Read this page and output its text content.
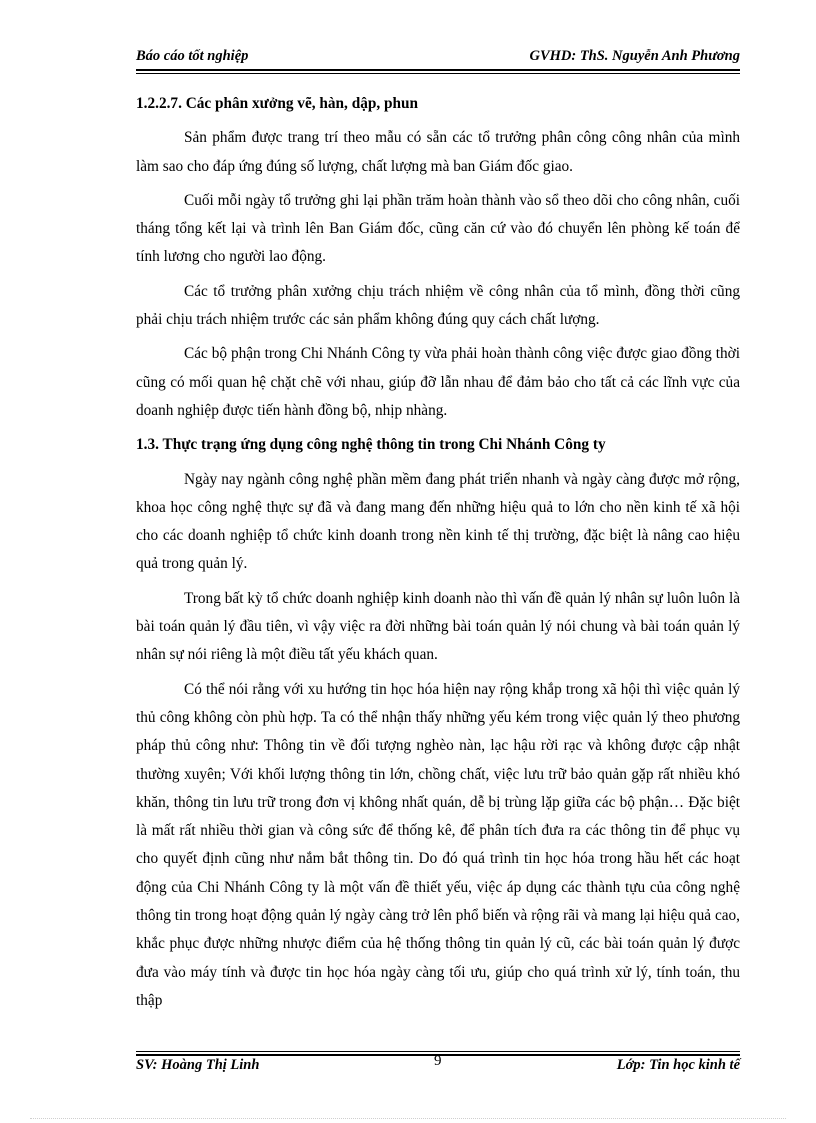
Báo cáo tốt nghiệp	GVHD: ThS. Nguyễn Anh Phương
1.2.2.7. Các phân xưởng vẽ, hàn, dập, phun

Sản phẩm được trang trí theo mẫu có sẵn các tổ trưởng phân công công nhân của mình làm sao cho đáp ứng đúng số lượng, chất lượng mà ban Giám đốc giao.

Cuối mỗi ngày tổ trưởng ghi lại phần trăm hoàn thành vào sổ theo dõi cho công nhân, cuối tháng tổng kết lại và trình lên Ban Giám đốc, cũng căn cứ vào đó chuyển lên phòng kế toán để tính lương cho người lao động.

Các tổ trưởng phân xưởng chịu trách nhiệm về công nhân của tổ mình, đồng thời cũng phải chịu trách nhiệm trước các sản phẩm không đúng quy cách chất lượng.

Các bộ phận trong Chi Nhánh Công ty vừa phải hoàn thành công việc được giao đồng thời cũng có mối quan hệ chặt chẽ với nhau, giúp đỡ lẫn nhau để đảm bảo cho tất cả các lĩnh vực của doanh nghiệp được tiến hành đồng bộ, nhịp nhàng.

1.3. Thực trạng ứng dụng công nghệ thông tin trong Chi Nhánh Công ty

Ngày nay ngành công nghệ phần mềm đang phát triển nhanh và ngày càng được mở rộng, khoa học công nghệ thực sự đã và đang mang đến những hiệu quả to lớn cho nền kinh tế xã hội cho các doanh nghiệp tổ chức kinh doanh trong nền kinh tế thị trường, đặc biệt là nâng cao hiệu quả trong quản lý.

Trong bất kỳ tổ chức doanh nghiệp kinh doanh nào thì vấn đề quản lý nhân sự luôn luôn là bài toán quản lý đầu tiên, vì vậy việc ra đời những bài toán quản lý nói chung và bài toán quản lý nhân sự nói riêng là một điều tất yếu khách quan.

Có thể nói rằng với xu hướng tin học hóa hiện nay rộng khắp trong xã hội thì việc quản lý thủ công không còn phù hợp. Ta có thể nhận thấy những yếu kém trong việc quản lý theo phương pháp thủ công như: Thông tin về đối tượng nghèo nàn, lạc hậu rời rạc và không được cập nhật thường xuyên; Với khối lượng thông tin lớn, chồng chất, việc lưu trữ bảo quản gặp rất nhiều khó khăn, thông tin lưu trữ trong đơn vị không nhất quán, dễ bị trùng lặp giữa các bộ phận… Đặc biệt là mất rất nhiều thời gian và công sức để thống kê, để phân tích đưa ra các thông tin để phục vụ cho quyết định cũng như nắm bắt thông tin. Do đó quá trình tin học hóa trong hầu hết các hoạt động của Chi Nhánh Công ty là một vấn đề thiết yếu, việc áp dụng các thành tựu của công nghệ thông tin trong hoạt động quản lý ngày càng trở lên phổ biến và rộng rãi và mang lại hiệu quả cao, khắc phục được những nhược điểm của hệ thống thông tin quản lý cũ, các bài toán quản lý được đưa vào máy tính và được tin học hóa ngày càng tối ưu, giúp cho quá trình xử lý, tính toán, thu thập

SV: Hoàng Thị Linh	9	Lớp: Tin học kinh tế
